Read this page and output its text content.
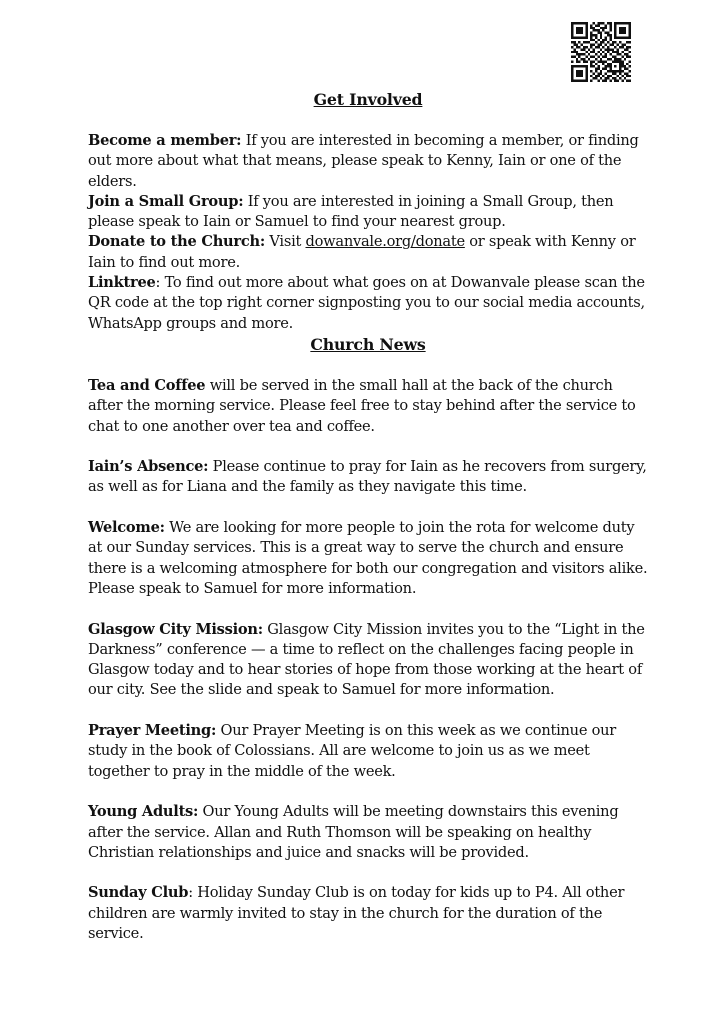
Get Involved

Become a member: If you are interested in becoming a member, or finding out more about what that means, please speak to Kenny, Iain or one of the elders.

Join a Small Group: If you are interested in joining a Small Group, then please speak to Iain or Samuel to find your nearest group.

Donate to the Church: Visit dowanvale.org/donate or speak with Kenny or Iain to find out more.

Linktree: To find out more about what goes on at Dowanvale please scan the QR code at the top right corner signposting you to our social media accounts, WhatsApp groups and more.

Church News

Tea and Coffee will be served in the small hall at the back of the church after the morning service. Please feel free to stay behind after the service to chat to one another over tea and coffee.

Iain’s Absence: Please continue to pray for Iain as he recovers from surgery, as well as for Liana and the family as they navigate this time.

Welcome: We are looking for more people to join the rota for welcome duty at our Sunday services. This is a great way to serve the church and ensure there is a welcoming atmosphere for both our congregation and visitors alike. Please speak to Samuel for more information.

Glasgow City Mission: Glasgow City Mission invites you to the “Light in the Darkness” conference — a time to reflect on the challenges facing people in Glasgow today and to hear stories of hope from those working at the heart of our city. See the slide and speak to Samuel for more information.

Prayer Meeting: Our Prayer Meeting is on this week as we continue our study in the book of Colossians. All are welcome to join us as we meet together to pray in the middle of the week.

Young Adults: Our Young Adults will be meeting downstairs this evening after the service. Allan and Ruth Thomson will be speaking on healthy Christian relationships and juice and snacks will be provided.

Sunday Club: Holiday Sunday Club is on today for kids up to P4. All other children are warmly invited to stay in the church for the duration of the service.
